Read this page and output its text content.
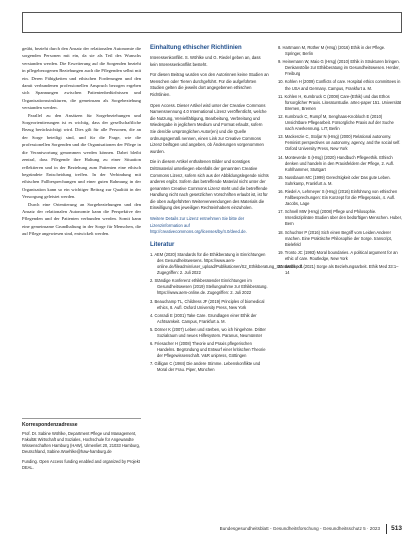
geübt, bezieht durch den Ansatz der relationalen Autonomie die sorgenden Personen mit ein, da sie als Teil des Wunschs verstanden werden. Die Erweiterung auf die Sorgenden bezieht in pflegebezogenen Beziehungen auch die Pflegenden selbst mit ein. Deren Fähigkeiten und ethischen Forderungen und den damit verbundenen professionellen Anspruch bezogen ergeben sich Spannungen zwischen Patientenbedürfnissen und Organisationsstrukturen, die gemeinsam als Sorgebeziehung verstanden werden.

Parallel zu den Ansätzen für Sorgebeziehungen und Sorgeorientierungen ist es wichtig, dass der gesellschaftliche Bezug berücksichtigt wird. Dies gilt für alle Personen, die an der Sorge beteiligt sind, und für die Frage, wie die professionellen Sorgenden und die Organisationen der Pflege in die Verantwortung genommen werden können. Dabei bleibt zentral, dass Pflegende ihre Haltung zu einer Situation reflektieren und in der Beziehung zum Patienten eine ethisch begründete Entscheidung treffen. In der Verbindung mit ethischen Fallbesprechungen und einer guten Rahmung in der Organisation kann so ein wichtiger Beitrag zur Qualität in der Versorgung geleistet werden.

Durch eine Orientierung an Sorgebeziehungen und den Ansatz der relationalen Autonomie kann die Perspektive der Pflegenden und der Patienten verbunden werden. Somit kann eine gemeinsame Grundhaltung in der Sorge für Menschen, die auf Pflege angewiesen sind, entwickelt werden.

Korrespondenzadresse

Prof. Dr. Sabine Wöhlke, Department Pflege und Management, Fakultät Wirtschaft und Soziales, Hochschule für Angewandte Wissenschaften Hamburg (HAW), Ulmenliet 20, 21033 Hamburg, Deutschland, Sabine.Woehlke@haw-hamburg.de

Funding. Open Access funding enabled and organized by Projekt DEAL.

Einhaltung ethischer Richtlinien

Interessenkonflikt. S. Wöhlke und G. Riedel geben an, dass kein Interessenkonflikt besteht.

Für diesen Beitrag wurden von den Autorinnen keine Studien an Menschen oder Tieren durchgeführt. Für die aufgeführten Studien gelten die jeweils dort angegebenen ethischen Richtlinien.

Open Access. Dieser Artikel wird unter der Creative Commons Namensnennung 4.0 International Lizenz veröffentlicht, welche die Nutzung, Vervielfältigung, Bearbeitung, Verbreitung und Wiedergabe in jeglichem Medium und Format erlaubt, sofern Sie den/die ursprünglichen Autor(en) und die Quelle ordnungsgemäß nennen, einen Link zur Creative Commons Lizenz beifügen und angeben, ob Änderungen vorgenommen wurden.

Die in diesem Artikel enthaltenen Bilder und sonstiges Drittmaterial unterliegen ebenfalls der genannten Creative Commons Lizenz, sofern sich aus der Abbildungslegende nichts anderes ergibt. Sofern das betreffende Material nicht unter der genannten Creative Commons Lizenz steht und die betreffende Handlung nicht nach gesetzlichen Vorschriften erlaubt ist, ist für die oben aufgeführten Weiterverwendungen des Materials die Einwilligung des jeweiligen Rechteinhabers einzuholen.

Weitere Details zur Lizenz entnehmen Sie bitte der Lizenzinformation auf http://creativecommons.org/licenses/by/4.0/deed.de.

Literatur
1. AEM (2020) Standards für die Ethikberatung in Einrichtungen des Gesundheitswesens. https://www.aem-online.de/fileadmin/user_upload/Publikationen/S2_Ethikberatung_Standards.pdf. Zugegriffen: 2. Juli 2022
2. Ständige Konferenz ethikberatender Einrichtungen im Gesundheitswesen (2019) Stellungnahme zur Ethikberatung. https://www.aem-online.de. Zugegriffen: 2. Juli 2022
3. Beauchamp TL, Childress JF (2019) Principles of biomedical ethics, 8. Aufl. Oxford University Press, New York
4. Conradi E (2001) Take Care. Grundlagen einer Ethik der Achtsamkeit. Campus, Frankfurt a. M.
5. Dörner K (2007) Leben und sterben, wo ich hingehöre. Dritter Sozialraum und neues Hilfesystem. Paranus, Neumünster
6. Friesacher H (2008) Theorie und Praxis pflegerischen Handelns. Begründung und Entwurf einer kritischen Theorie der Pflegewissenschaft. V&R unipress, Göttingen
7. Gilligan C (1984) Die andere Stimme. Lebenskonflikte und Moral der Frau. Piper, München
8. Hartmann M, Rüther M (Hrsg) (2016) Ethik in der Pflege. Springer, Berlin
9. Heinemann W, Maio G (Hrsg) (2010) Ethik in Strukturen bringen. Denkanstöße zur Ethikberatung im Gesundheitswesen. Herder, Freiburg
10. Kohlen H (2009) Conflicts of care. Hospital ethics committees in the USA and Germany. Campus, Frankfurt a. M.
11. Kohlen H, Kumbruck C (2008) Care-(Ethik) und das Ethos fürsorglicher Praxis. Literaturstudie. artec-paper 151. Universität Bremen, Bremen
12. Kumbruck C, Rumpf M, Senghaas-Knobloch E (2010) Unsichtbare Pflegearbeit. Fürsorgliche Praxis auf der Suche nach Anerkennung. LIT, Berlin
13. Mackenzie C, Stoljar N (Hrsg) (2000) Relational autonomy. Feminist perspectives on autonomy, agency, and the social self. Oxford University Press, New York
14. Monteverde S (Hrsg) (2020) Handbuch Pflegeethik. Ethisch denken und handeln in den Praxisfeldern der Pflege, 2. Aufl. Kohlhammer, Stuttgart
15. Nussbaum MC (1999) Gerechtigkeit oder Das gute Leben. Suhrkamp, Frankfurt a. M.
16. Riedel A, Lehmeyer S (Hrsg) (2016) Einführung von ethischen Fallbesprechungen: Ein Konzept für die Pflegepraxis, 4. Aufl. Jacobs, Lage
17. Schnell MW (Hrsg) (2008) Pflege und Philosophie. Interdisziplinäre Studien über den bedürftigen Menschen. Huber, Bern
18. Schuchter P (2016) Sich einen Begriff vom Leiden Anderer machen. Eine Praktische Philosophie der Sorge. transcript, Bielefeld
19. Tronto JC (1993) Moral boundaries. A political argument for an ethic of care. Routledge, New York
20. Wöhlke S (2021) Sorge als Beziehungsarbeit. Ethik Med 33:1–14
Bundesgesundheitsblatt - Gesundheitsforschung - Gesundheitsschutz 5 · 2023	513
